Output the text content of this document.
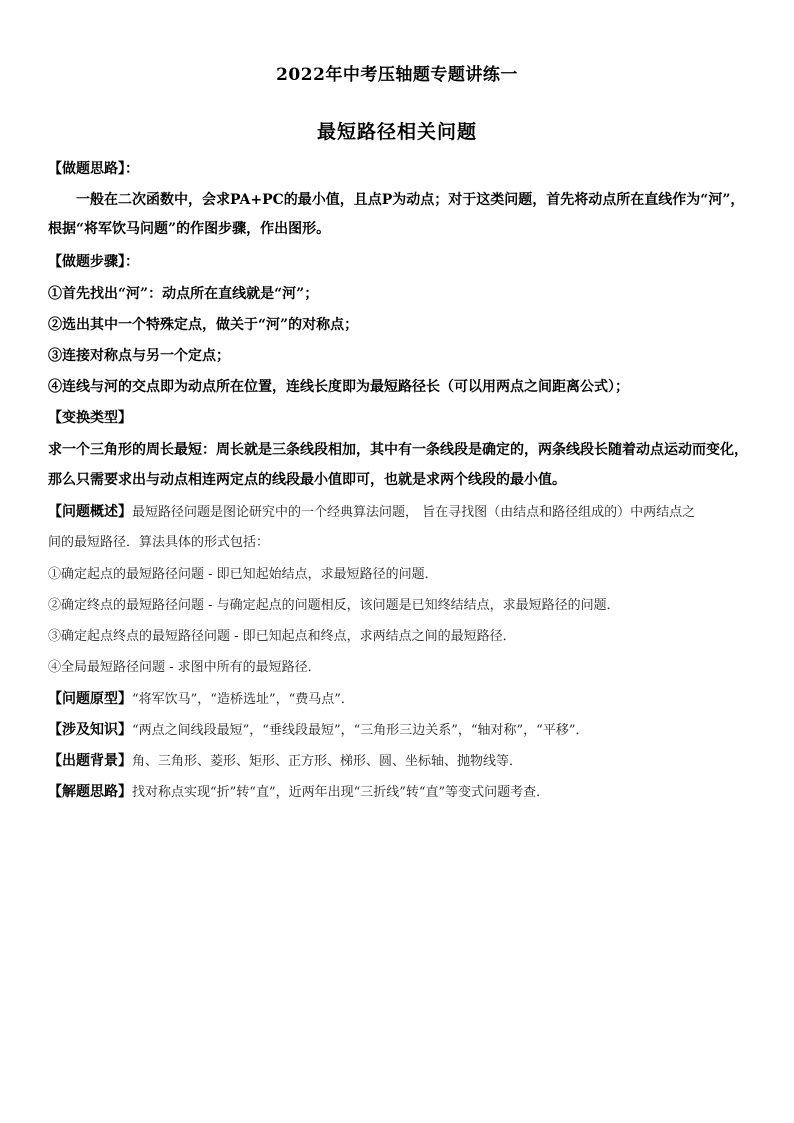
2022年中考压轴题专题讲练一
最短路径相关问题
【做题思路】：
一般在二次函数中，会求PA+PC的最小值，且点P为动点；对于这类问题，首先将动点所在直线作为“河”，
根据“将军饮马问题”的作图步骤，作出图形。
【做题步骤】：
①首先找出“河”：动点所在直线就是“河”；
②选出其中一个特殊定点，做关于“河”的对称点；
③连接对称点与另一个定点；
④连线与河的交点即为动点所在位置，连线长度即为最短路径长（可以用两点之间距离公式）；
【变换类型】
求一个三角形的周长最短：周长就是三条线段相加，其中有一条线段是确定的，两条线段长随着动点运动而变化，
那么只需要求出与动点相连两定点的线段最小值即可，也就是求两个线段的最小值。
【问题概述】最短路径问题是图论研究中的一个经典算法问题， 旨在寻找图（由结点和路径组成的）中两结点之
间的最短路径．算法具体的形式包括：
①确定起点的最短路径问题 - 即已知起始结点，求最短路径的问题．
②确定终点的最短路径问题 - 与确定起点的问题相反，该问题是已知终结结点，求最短路径的问题．
③确定起点终点的最短路径问题 - 即已知起点和终点，求两结点之间的最短路径．
④全局最短路径问题 - 求图中所有的最短路径．
【问题原型】“将军饮马”，“造桥选址”，“费马点”．
【涉及知识】“两点之间线段最短”，“垂线段最短”，“三角形三边关系”，“轴对称”，“平移”．
【出题背景】角、三角形、菱形、矩形、正方形、梯形、圆、坐标轴、抛物线等．
【解题思路】找对称点实现“折”转“直”，近两年出现“三折线”转“直”等变式问题考查．
